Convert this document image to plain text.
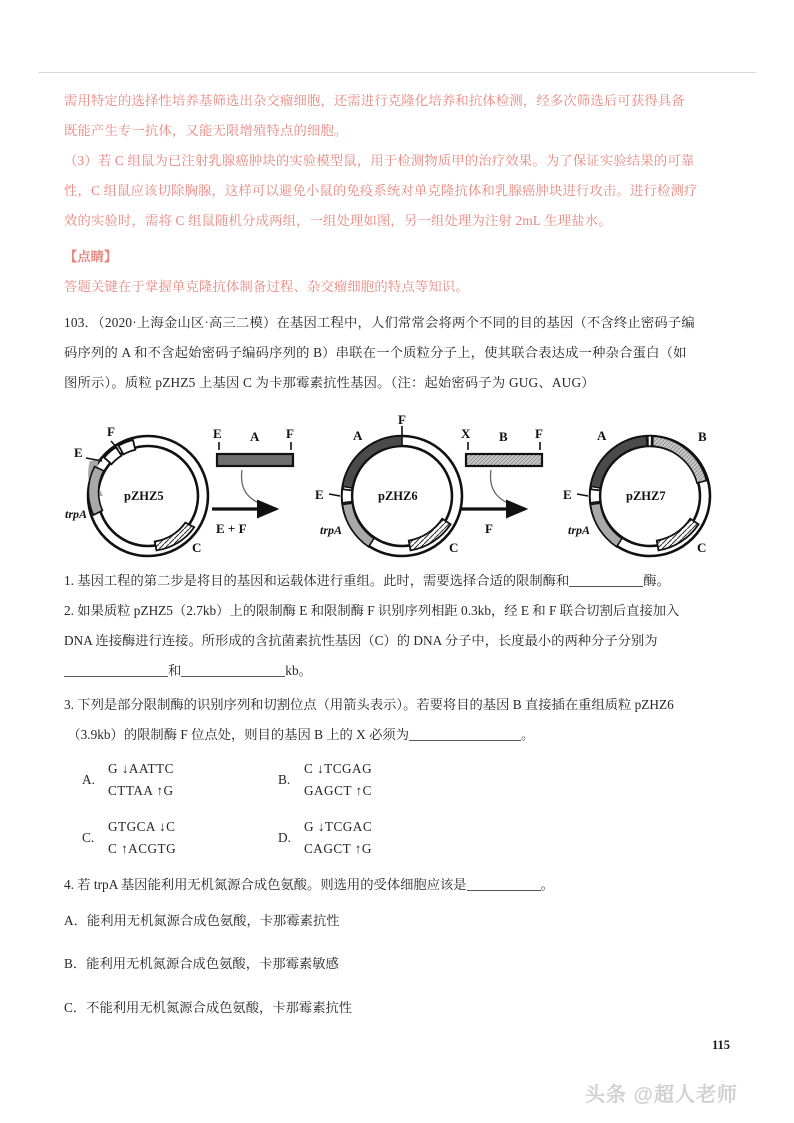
需用特定的选择性培养基筛选出杂交瘤细胞，还需进行克隆化培养和抗体检测，经多次筛选后可获得具备

既能产生专一抗体，又能无限增殖特点的细胞。

（3）若 C 组鼠为已注射乳腺癌肿块的实验模型鼠，用于检测物质甲的治疗效果。为了保证实验结果的可靠

性，C 组鼠应该切除胸腺，这样可以避免小鼠的免疫系统对单克隆抗体和乳腺癌肿块进行攻击。进行检测疗

效的实验时，需将 C 组鼠随机分成两组，一组处理如图，另一组处理为注射 2mL 生理盐水。

【点睛】

答题关键在于掌握单克隆抗体制备过程、杂交瘤细胞的特点等知识。

103．（2020·上海金山区·高三二模）在基因工程中，人们常常会将两个不同的目的基因（不含终止密码子编

码序列的 A 和不含起始密码子编码序列的 B）串联在一个质粒分子上，使其联合表达成一种杂合蛋白（如

图所示）。质粒 pZHZ5 上基因 C 为卡那霉素抗性基因。（注：起始密码子为 GUG、AUG）

F
E
trpA
C
pZHZ5
E A F
E + F
F
A
E
trpA
C
pZHZ6
X B F
F
A	B
E
trpA
C
pZHZ7

1. 基因工程的第二步是将目的基因和运载体进行重组。此时，需要选择合适的限制酶和	酶。

2. 如果质粒 pZHZ5（2.7kb）上的限制酶 E 和限制酶 F 识别序列相距 0.3kb，经 E 和 F 联合切割后直接加入

DNA 连接酶进行连接。所形成的含抗菌素抗性基因（C）的 DNA 分子中，长度最小的两种分子分别为

和	kb。

3. 下列是部分限制酶的识别序列和切割位点（用箭头表示）。若要将目的基因 B 直接插在重组质粒 pZHZ6

（3.9kb）的限制酶 F 位点处，则目的基因 B 上的 X 必须为	。

A.
G ↓AATTC
CTTAA ↑G
B.
C ↓TCGAG
GAGCT ↑C
C.
GTGCA ↓C
C ↑ACGTG
D.
G ↓TCGAC
CAGCT ↑G

4. 若 trpA 基因能利用无机氮源合成色氨酸。则选用的受体细胞应该是	。

A．能利用无机氮源合成色氨酸，卡那霉素抗性

B．能利用无机氮源合成色氨酸，卡那霉素敏感

C．不能利用无机氮源合成色氨酸，卡那霉素抗性

115
头条 @超人老师
